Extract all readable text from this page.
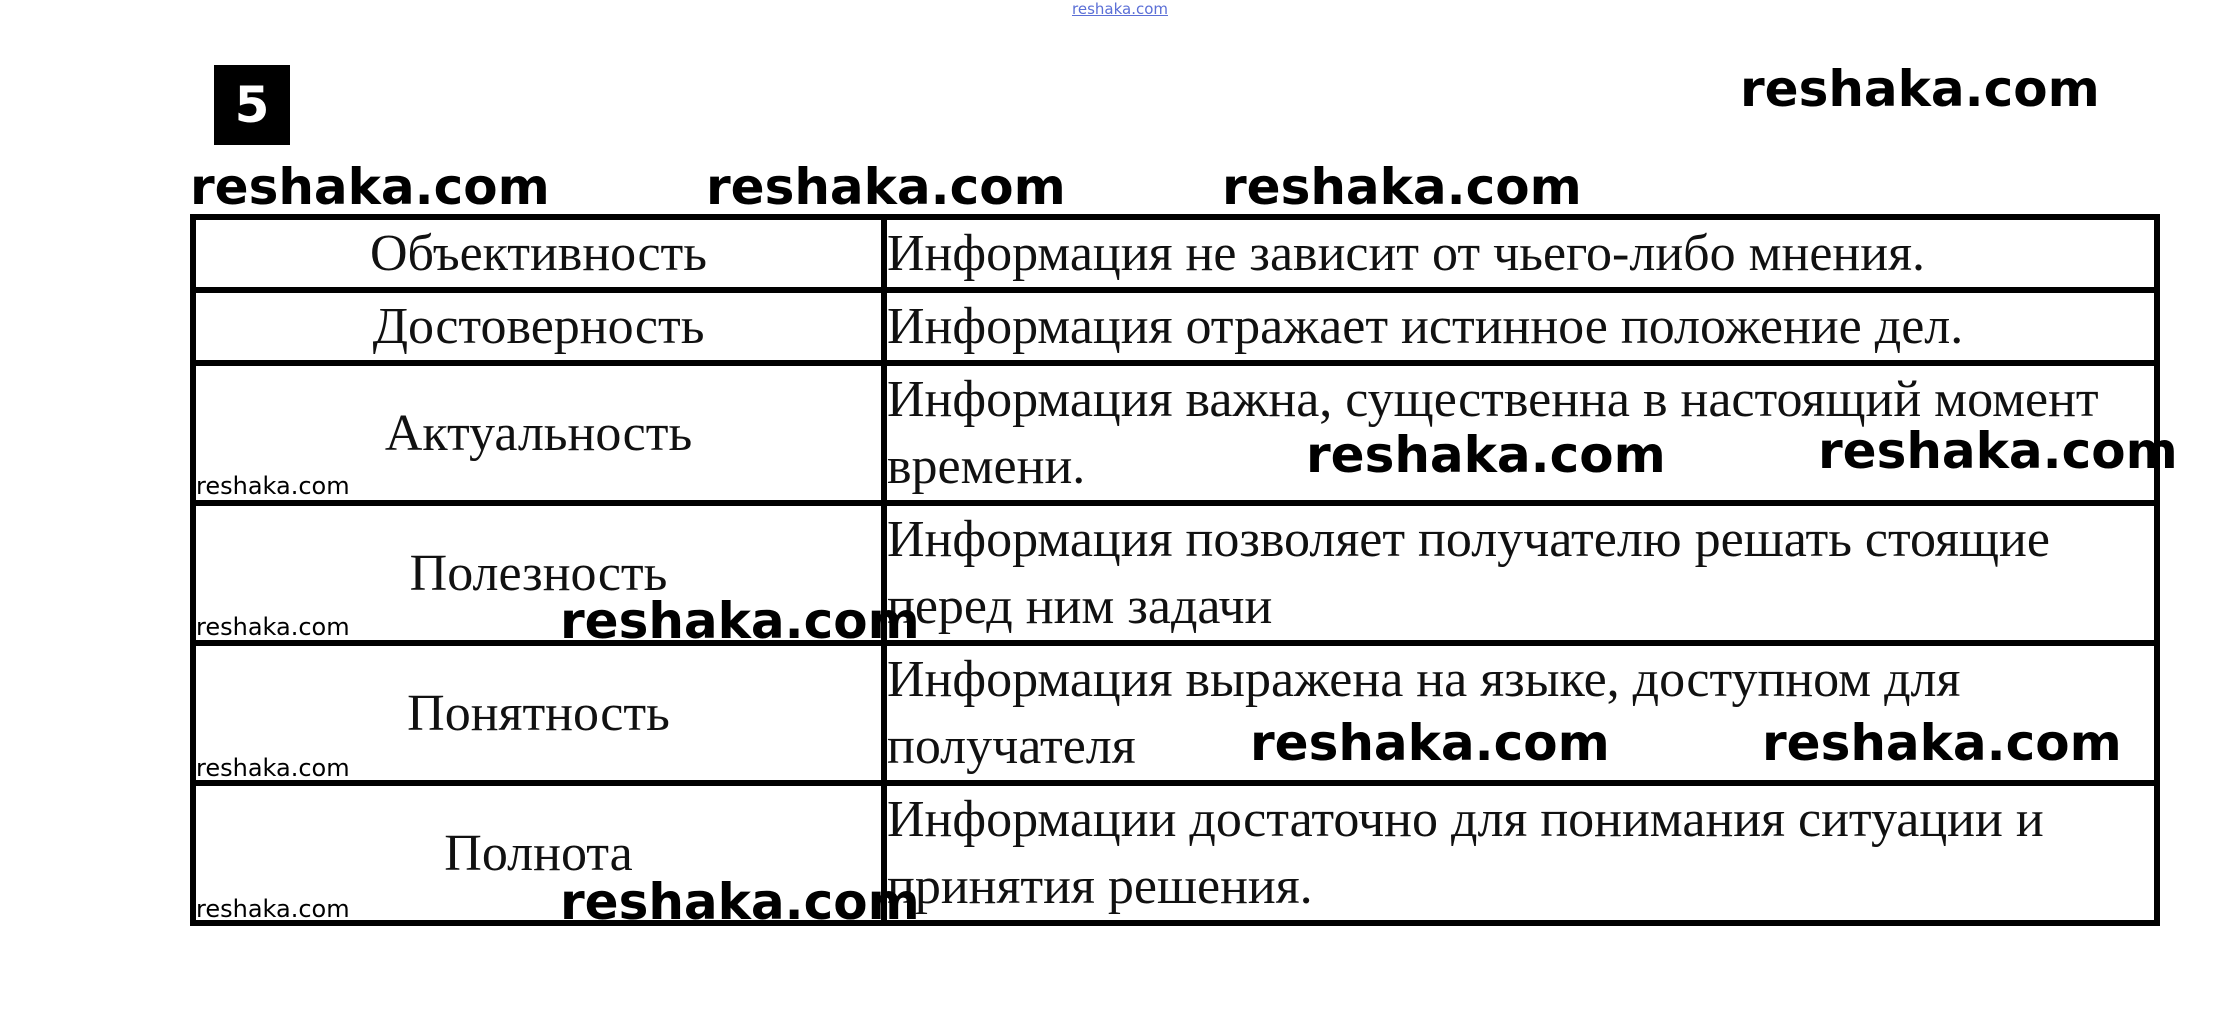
reshaka.com
5	reshaka.com
reshaka.com	reshaka.com	reshaka.com
Объективность	Информация не зависит от чьего-либо мнения.
Достоверность	Информация отражает истинное положение дел.
Актуальность	Информация важна, существенна в настоящий момент времени.
Полезность	Информация позволяет получателю решать стоящие перед ним задачи
Понятность	Информация выражена на языке, доступном для получателя
Полнота	Информации достаточно для понимания ситуации и принятия решения.
reshaka.com	reshaka.com
reshaka.com
reshaka.com	reshaka.com
reshaka.com
reshaka.com
reshaka.com
reshaka.com
reshaka.com
